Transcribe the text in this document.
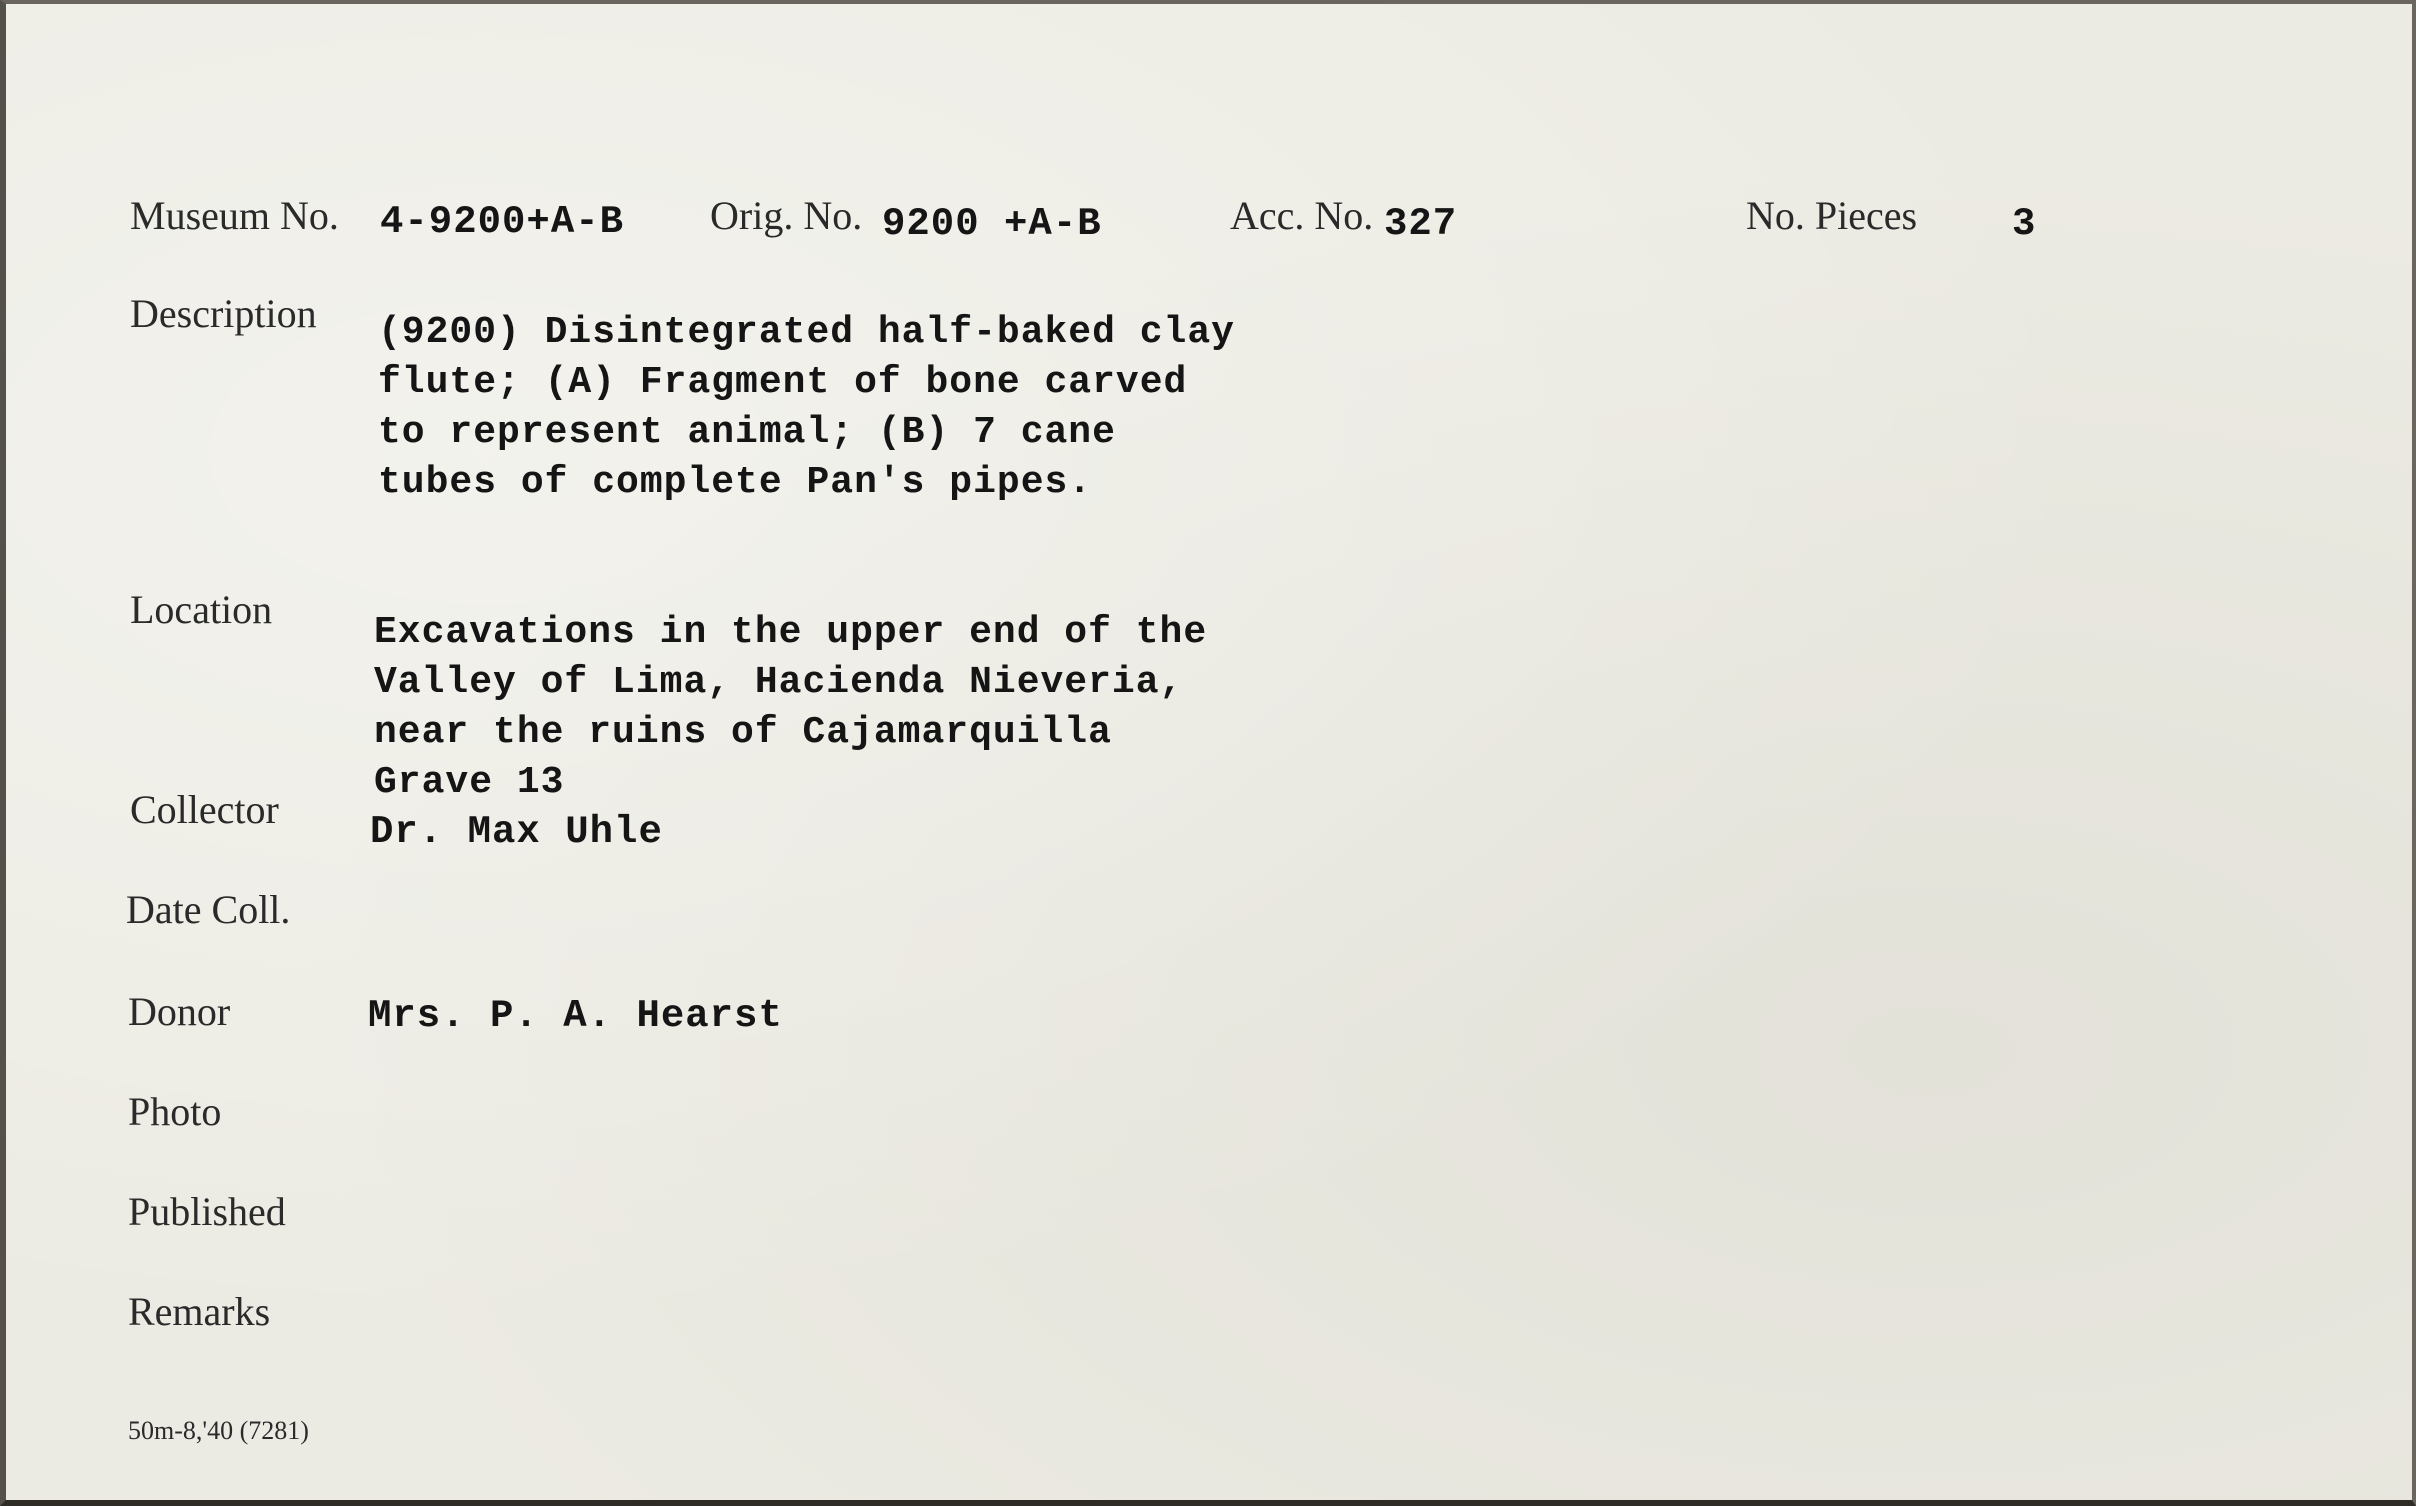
Museum No. 4-9200+A-B Orig. No. 9200 +A-B	Acc. No. 327	No. Pieces 3
Description (9200) Disintegrated half-baked clay
flute; (A) Fragment of bone carved
to represent animal; (B) 7 cane
tubes of complete Pan's pipes.
Location
Excavations in the upper end of the
Valley of Lima, Hacienda Nieveria,
near the ruins of Cajamarquilla
Grave 13
Collector Dr. Max Uhle
Date Coll.
Donor	Mrs. P. A. Hearst
Photo
Published
Remarks
50m-8,'40 (7281)
